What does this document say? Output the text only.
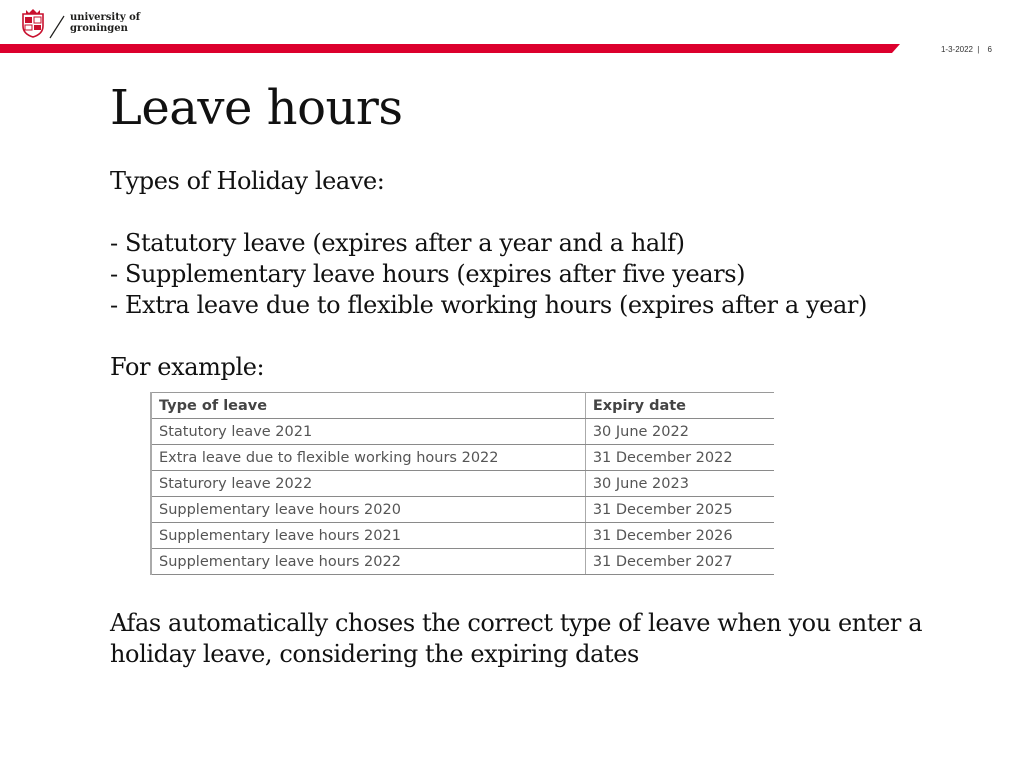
university of
groningen
1-3-2022 | 6
Leave hours

Types of Holiday leave:

- Statutory leave (expires after a year and a half)
- Supplementary leave hours (expires after five years)
- Extra leave due to flexible working hours (expires after a year)

For example:

Type of leave	Expiry date
Statutory leave 2021	30 June 2022
Extra leave due to flexible working hours 2022	31 December 2022
Staturory leave 2022	30 June 2023
Supplementary leave hours 2020	31 December 2025
Supplementary leave hours 2021	31 December 2026
Supplementary leave hours 2022	31 December 2027

Afas automatically choses the correct type of leave when you enter a
holiday leave, considering the expiring dates
